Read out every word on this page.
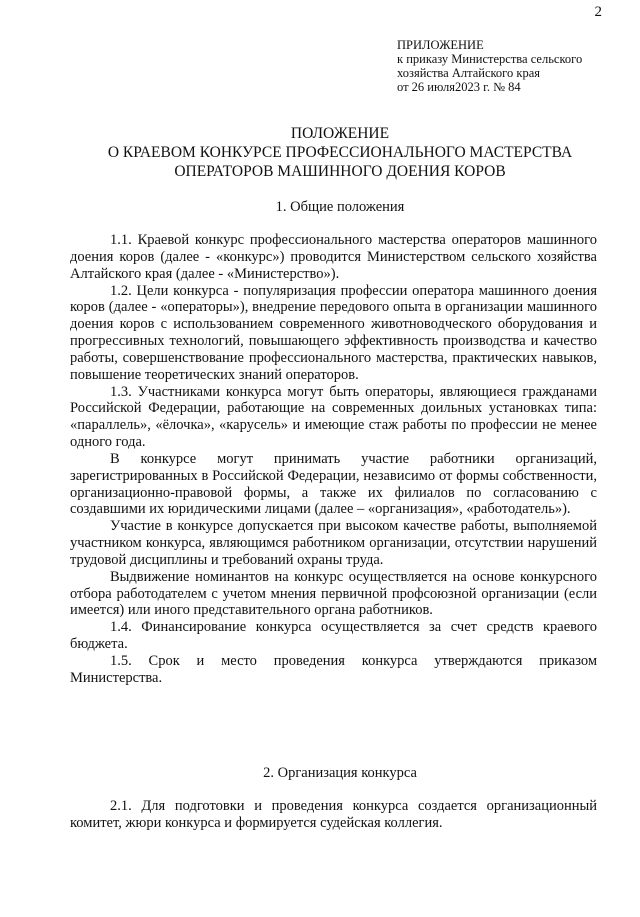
2
ПРИЛОЖЕНИЕ
к приказу Министерства сельского
хозяйства Алтайского края
от 26 июля2023 г. № 84
ПОЛОЖЕНИЕ
О КРАЕВОМ КОНКУРСЕ ПРОФЕССИОНАЛЬНОГО МАСТЕРСТВА
ОПЕРАТОРОВ МАШИННОГО ДОЕНИЯ КОРОВ
1. Общие положения

1.1. Краевой конкурс профессионального мастерства операторов машинного доения коров (далее - «конкурс») проводится Министерством сельского хозяйства Алтайского края (далее - «Министерство»).

1.2. Цели конкурса - популяризация профессии оператора машинного доения коров (далее - «операторы»), внедрение передового опыта в организации машинного доения коров с использованием современного животноводческого оборудования и прогрессивных технологий, повышающего эффективность производства и качество работы, совершенствование профессионального мастерства, практических навыков, повышение теоретических знаний операторов.

1.3. Участниками конкурса могут быть операторы, являющиеся гражданами Российской Федерации, работающие на современных доильных установках типа: «параллель», «ёлочка», «карусель» и имеющие стаж работы по профессии не менее одного года.

В конкурсе могут принимать участие работники организаций, зарегистрированных в Российской Федерации, независимо от формы собственности, организационно-правовой формы, а также их филиалов по согласованию с создавшими их юридическими лицами (далее – «организация», «работодатель»).

Участие в конкурсе допускается при высоком качестве работы, выполняемой участником конкурса, являющимся работником организации, отсутствии нарушений трудовой дисциплины и требований охраны труда.

Выдвижение номинантов на конкурс осуществляется на основе конкурсного отбора работодателем с учетом мнения первичной профсоюзной организации (если имеется) или иного представительного органа работников.

1.4. Финансирование конкурса осуществляется за счет средств краевого бюджета.

1.5. Срок и место проведения конкурса утверждаются приказом Министерства.

2. Организация конкурса

2.1. Для подготовки и проведения конкурса создается организационный комитет, жюри конкурса и формируется судейская коллегия.
